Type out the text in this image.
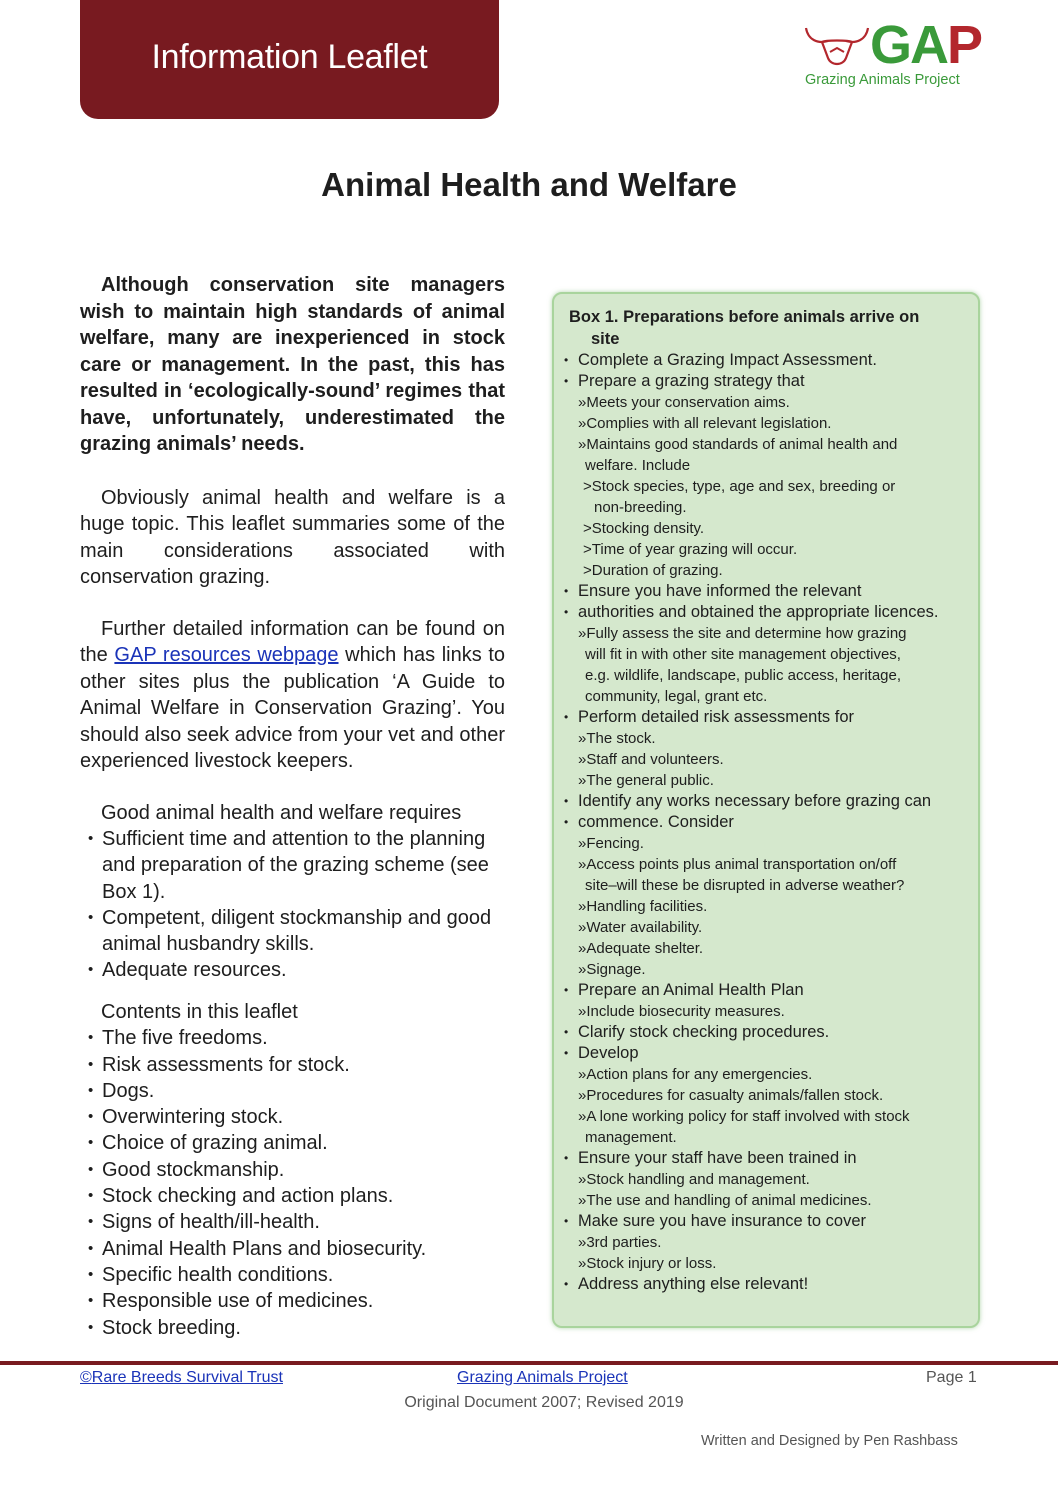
Information Leaflet	GAP
Grazing Animals Project
Animal Health and Welfare

Although conservation site managers wish to maintain high standards of animal welfare, many are inexperienced in stock care or management. In the past, this has resulted in ‘ecologically-sound’ regimes that have, unfortunately, underestimated the grazing animals’ needs.

Obviously animal health and welfare is a huge topic. This leaflet summaries some of the main considerations associated with conservation grazing.

Further detailed information can be found on the GAP resources webpage which has links to other sites plus the publication ‘A Guide to Animal Welfare in Conservation Grazing’. You should also seek advice from your vet and other experienced livestock keepers.

Good animal health and welfare requires
• Sufficient time and attention to the planning and preparation of the grazing scheme (see Box 1).
• Competent, diligent stockmanship and good animal husbandry skills.
• Adequate resources.
Contents in this leaflet
• The five freedoms.
• Risk assessments for stock.
• Dogs.
• Overwintering stock.
• Choice of grazing animal.
• Good stockmanship.
• Stock checking and action plans.
• Signs of health/ill-health.
• Animal Health Plans and biosecurity.
• Specific health conditions.
• Responsible use of medicines.
• Stock breeding.
Box 1. Preparations before animals arrive on
site
• Complete a Grazing Impact Assessment.
• Prepare a grazing strategy that
»Meets your conservation aims.
»Complies with all relevant legislation.
»Maintains good standards of animal health and
welfare. Include
>Stock species, type, age and sex, breeding or
non-breeding.
>Stocking density.
>Time of year grazing will occur.
>Duration of grazing.
• Ensure you have informed the relevant
• authorities and obtained the appropriate licences.
»Fully assess the site and determine how grazing
will fit in with other site management objectives,
e.g. wildlife, landscape, public access, heritage,
community, legal, grant etc.
• Perform detailed risk assessments for
»The stock.
»Staff and volunteers.
»The general public.
• Identify any works necessary before grazing can
• commence. Consider
»Fencing.
»Access points plus animal transportation on/off
site–will these be disrupted in adverse weather?
»Handling facilities.
»Water availability.
»Adequate shelter.
»Signage.
• Prepare an Animal Health Plan
»Include biosecurity measures.
• Clarify stock checking procedures.
• Develop
»Action plans for any emergencies.
»Procedures for casualty animals/fallen stock.
»A lone working policy for staff involved with stock
management.
• Ensure your staff have been trained in
»Stock handling and management.
»The use and handling of animal medicines.
• Make sure you have insurance to cover
»3rd parties.
»Stock injury or loss.
• Address anything else relevant!
©Rare Breeds Survival Trust	Grazing Animals Project	Page 1
Original Document 2007; Revised 2019
Written and Designed by Pen Rashbass
